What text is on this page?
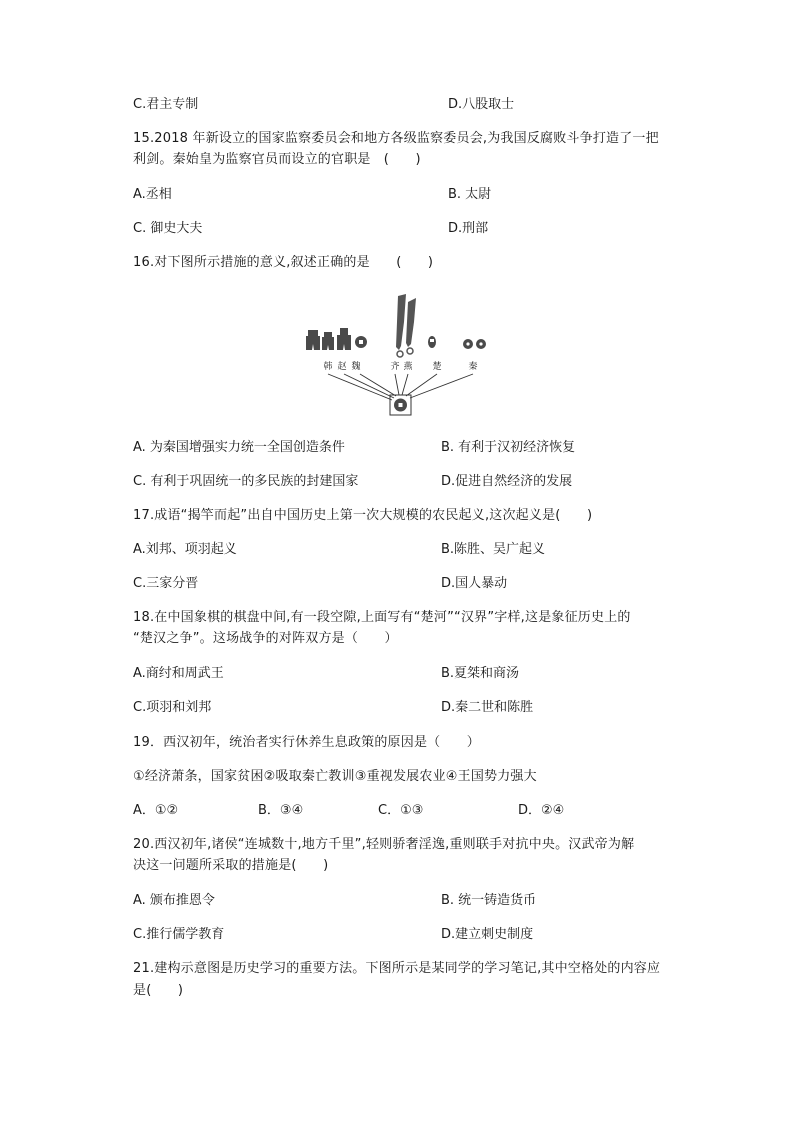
C.君主专制	D.八股取士
15.2018 年新设立的国家监察委员会和地方各级监察委员会,为我国反腐败斗争打造了一把
利剑。秦始皇为监察官员而设立的官职是　(　　)
A.丞相	B. 太尉
C. 御史大夫	D.刑部
16.对下图所示措施的意义,叙述正确的是　　(　　)
韩 赵 魏	齐 燕 楚	秦
A. 为秦国增强实力统一全国创造条件	B. 有利于汉初经济恢复
C. 有利于巩固统一的多民族的封建国家	D.促进自然经济的发展
17.成语“揭竿而起”出自中国历史上第一次大规模的农民起义,这次起义是(　　)
A.刘邦、项羽起义	B.陈胜、吴广起义
C.三家分晋	D.国人暴动
18.在中国象棋的棋盘中间,有一段空隙,上面写有“楚河”“汉界”字样,这是象征历史上的
“楚汉之争”。这场战争的对阵双方是（　　）
A.商纣和周武王	B.夏桀和商汤
C.项羽和刘邦	D.秦二世和陈胜
19．西汉初年，统治者实行休养生息政策的原因是（　　）
①经济萧条，国家贫困②吸取秦亡教训③重视发展农业④王国势力强大
A．①②	B．③④	C．①③	D．②④
20.西汉初年,诸侯“连城数十,地方千里”,轻则骄奢淫逸,重则联手对抗中央。汉武帝为解
决这一问题所采取的措施是(　　)
A. 颁布推恩令	B. 统一铸造货币
C.推行儒学教育	D.建立刺史制度
21.建构示意图是历史学习的重要方法。下图所示是某同学的学习笔记,其中空格处的内容应
是(　　)
